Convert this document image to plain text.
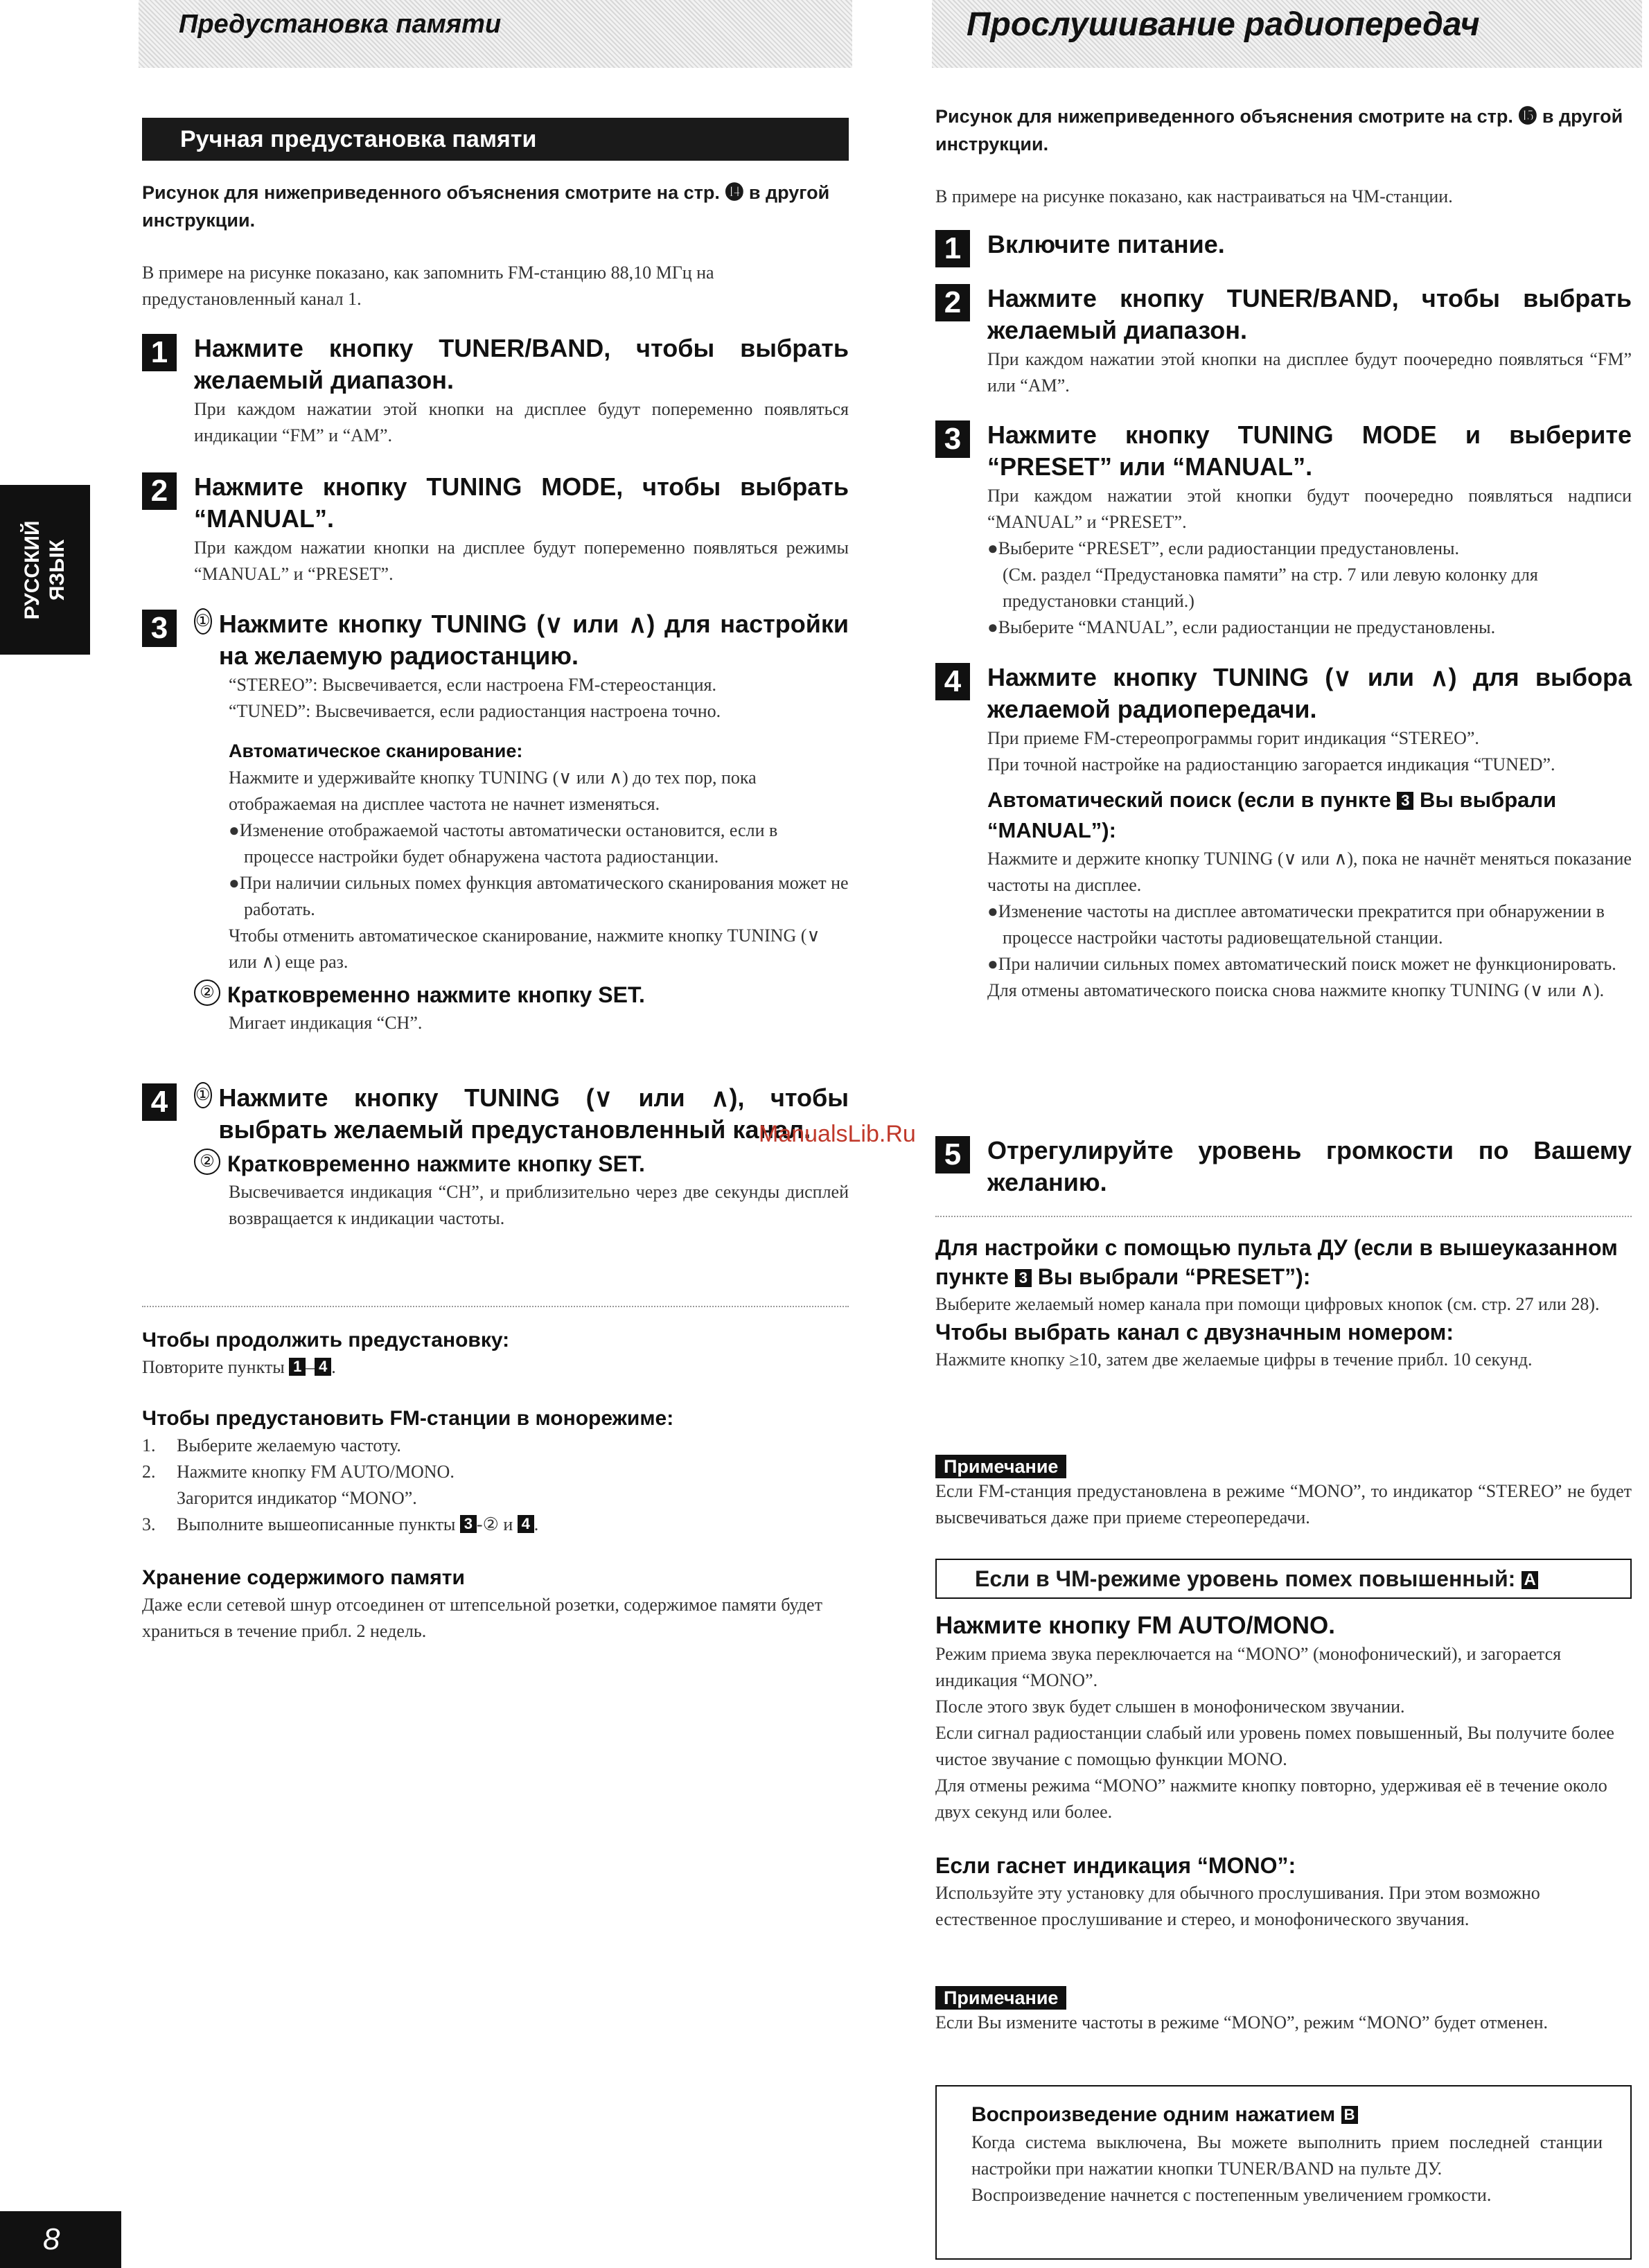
Предустановка памяти	Прослушивание радиопередач
РУССКИЙ ЯЗЫК
8
Ручная предустановка памяти
Рисунок для нижеприведенного объяснения смотрите на стр. ⓮ в другой инструкции.
В примере на рисунке показано, как запомнить FM-станцию 88,10 МГц на предустановленный канал 1.
1	Нажмите кнопку TUNER/BAND, чтобы выбрать желаемый диапазон.
При каждом нажатии этой кнопки на дисплее будут попеременно появляться индикации “FM” и “AM”.
2	Нажмите кнопку TUNING MODE, чтобы выбрать “MANUAL”.
При каждом нажатии кнопки на дисплее будут попеременно появляться режимы “MANUAL” и “PRESET”.
3	① Нажмите кнопку TUNING (∨ или ∧) для настройки на желаемую радиостанцию.
“STEREO”: Высвечивается, если настроена FM-стереостанция.
“TUNED”: Высвечивается, если радиостанция настроена точно.
Автоматическое сканирование:
Нажмите и удерживайте кнопку TUNING (∨ или ∧) до тех пор, пока отображаемая на дисплее частота не начнет изменяться.
●Изменение отображаемой частоты автоматически остановится, если в процессе настройки будет обнаружена частота радиостанции.
●При наличии сильных помех функция автоматического сканирования может не работать.
Чтобы отменить автоматическое сканирование, нажмите кнопку TUNING (∨ или ∧) еще раз.
② Кратковременно нажмите кнопку SET.
Мигает индикация “CH”.
4	① Нажмите кнопку TUNING (∨ или ∧), чтобы выбрать желаемый предустановленный канал.
② Кратковременно нажмите кнопку SET.
Высвечивается индикация “CH”, и приблизительно через две секунды дисплей возвращается к индикации частоты.
Чтобы продолжить предустановку:
Повторите пункты 1 – 4 .
Чтобы предустановить FM-станции в монорежиме:
1.	Выберите желаемую частоту.
2.	Нажмите кнопку FM AUTO/MONO.
Загорится индикатор “MONO”.
3.	Выполните вышеописанные пункты 3 -② и 4 .
Хранение содержимого памяти
Даже если сетевой шнур отсоединен от штепсельной розетки, содержимое памяти будет храниться в течение прибл. 2 недель.
ManualsLib.Ru
Рисунок для нижеприведенного объяснения смотрите на стр. ⓯ в другой инструкции.
В примере на рисунке показано, как настраиваться на ЧМ-станции.
1	Включите питание.
2	Нажмите кнопку TUNER/BAND, чтобы выбрать желаемый диапазон.
При каждом нажатии этой кнопки на дисплее будут поочередно появляться “FM” или “AM”.
3	Нажмите кнопку TUNING MODE и выберите “PRESET” или “MANUAL”.
При каждом нажатии этой кнопки будут поочередно появляться надписи “MANUAL” и “PRESET”.
●Выберите “PRESET”, если радиостанции предустановлены.
(См. раздел “Предустановка памяти” на стр. 7 или левую колонку для предустановки станций.)
●Выберите “MANUAL”, если радиостанции не предустановлены.
4	Нажмите кнопку TUNING (∨ или ∧) для выбора желаемой радиопередачи.
При приеме FM-стереопрограммы горит индикация “STEREO”.
При точной настройке на радиостанцию загорается индикация “TUNED”.
Автоматический поиск (если в пункте 3 Вы выбрали “MANUAL”):
Нажмите и держите кнопку TUNING (∨ или ∧), пока не начнёт меняться показание частоты на дисплее.
●Изменение частоты на дисплее автоматически прекратится при обнаружении в процессе настройки частоты радиовещательной станции.
●При наличии сильных помех автоматический поиск может не функционировать.
Для отмены автоматического поиска снова нажмите кнопку TUNING (∨ или ∧).
5	Отрегулируйте уровень громкости по Вашему желанию.
Для настройки с помощью пульта ДУ (если в вышеуказанном пункте 3 Вы выбрали “PRESET”):
Выберите желаемый номер канала при помощи цифровых кнопок (см. стр. 27 или 28).
Чтобы выбрать канал с двузначным номером:
Нажмите кнопку ≥10, затем две желаемые цифры в течение прибл. 10 секунд.
Примечание
Если FM-станция предустановлена в режиме “MONO”, то индикатор “STEREO” не будет высвечиваться даже при приеме стереопередачи.
Если в ЧМ-режиме уровень помех повышенный: A
Нажмите кнопку FM AUTO/MONO.
Режим приема звука переключается на “MONO” (монофонический), и загорается индикация “MONO”.
После этого звук будет слышен в монофоническом звучании.
Если сигнал радиостанции слабый или уровень помех повышенный, Вы получите более чистое звучание с помощью функции MONO.
Для отмены режима “MONO” нажмите кнопку повторно, удерживая её в течение около двух секунд или более.
Если гаснет индикация “MONO”:
Используйте эту установку для обычного прослушивания. При этом возможно естественное прослушивание и стерео, и монофонического звучания.
Примечание
Если Вы измените частоты в режиме “MONO”, режим “MONO” будет отменен.
Воспроизведение одним нажатием B
Когда система выключена, Вы можете выполнить прием последней станции настройки при нажатии кнопки TUNER/BAND на пульте ДУ.
Воспроизведение начнется с постепенным увеличением громкости.
